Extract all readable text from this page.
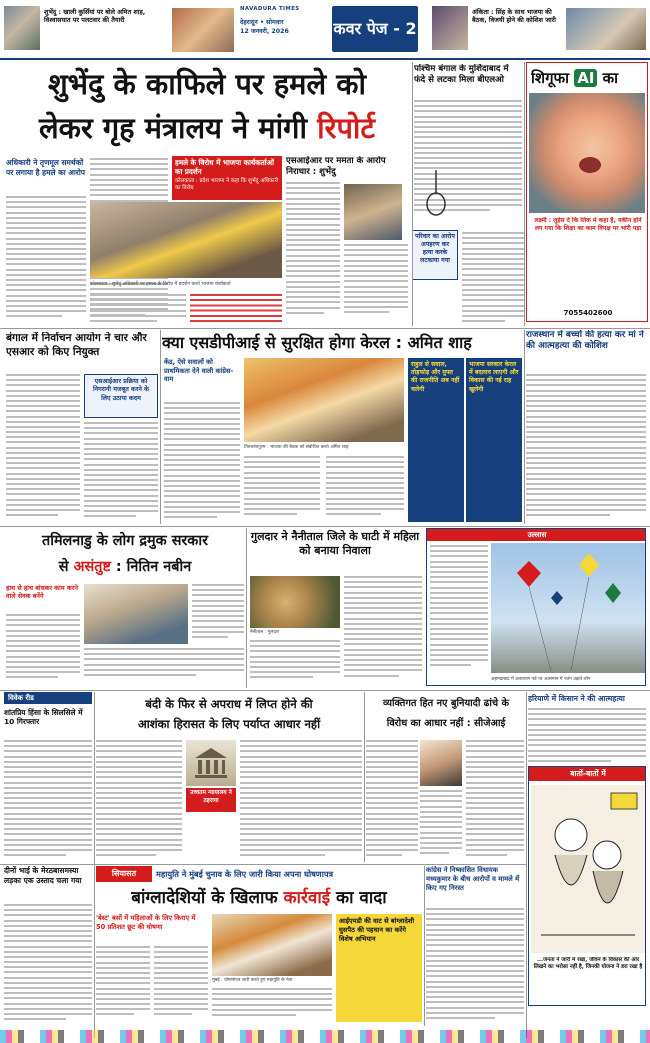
शुभेंदु : खाली कुर्सियां पर बोले अमित शाह, विश्वासघात पर पलटवार की तैयारी
NAVADURA TIMES
देहरादून • सोमवार
12 जनवरी, 2026	कवर पेज - 2
अंकिता : सिंह के साथ भाजपा की बैठक, विजयी होने की कोशिश जारी
शुभेंदु के काफिले पर हमले को
लेकर गृह मंत्रालय ने मांगी रिपोर्ट
पश्चिम बंगाल के मुर्शिदाबाद में फंदे से लटका मिला बीएलओ
परिवार का आरोप अपहरण कर हत्या करके लटकाया गया
शिगूफा AI का
लक्ष्मी : लुईस दे कि लिंक मे कहा है, यकीन होने लग गया कि शिक्षा का काम विपक्ष पर भारी पड़ा
7055402600
अधिकारी ने तृणमूल समर्थकों पर लगाया है हमले का आरोप
हमले के विरोध में भाजपा कार्यकर्ताओं का प्रदर्शन
कोलकाता : प्रदेश भाजपा ने कहा कि शुभेंदु अधिकारी का विरोध
कोलकाता : शुभेंदु अधिकारी पर हमला के विरोध में प्रदर्शन करते भाजपा कार्यकर्ता
एसआईआर पर ममता के आरोप निराधार : शुभेंदु
बंगाल में निर्वाचन आयोग ने चार और एसआर को किए नियुक्त
एसआईआर प्रक्रिया को निगरानी मजबूत करने के लिए उठाया कदम
क्या एसडीपीआई से सुरक्षित होगा केरल : अमित शाह
केंद्र, ऐसे सवालों को प्राथमिकता देने वाली कांग्रेस-वाम
तिरुवनंतपुरम : भाजपा की बैठक को संबोधित करते अमित शाह
राहुल से सवाल, तोड़फोड़ और मुफ्त की राजनीति अब नहीं चलेगी
भाजपा सरकार केरल में बदलाव लाएगी और विकास की नई राह खुलेगी
राजस्थान में बच्चों की हत्या कर मां ने की आत्महत्या की कोशिश
तमिलनाडु के लोग द्रमुक सरकार
से असंतुष्ट : नितिन नबीन
हाथ से हाथ बांधकर काम करने वाले सेवक बनेंगे
गुलदार ने नैनीताल जिले के घाटी में महिला को बनाया निवाला
नैनीताल : गुलदार
उल्लास
अहमदाबाद में उत्तरायण पर्व पर आसमान में पतंग उड़ाते लोग
विवेक रीड
शांतप्रिय हिंसा के सिलसिले में 10 गिरफ्तार
बंदी के फिर से अपराध में लिप्त होने की
आशंका हिरासत के लिए पर्याप्त आधार नहीं
उच्चतम न्यायालय ने ठहराया
व्यक्तिगत हित नए बुनियादी ढांचे के
विरोध का आधार नहीं : सीजेआई
हरियाणे में किसान ने की आत्महत्या
बातों-बातों में
...जनता ने जारी में रखा, जीवन के विकास की ओर लिखने का भरोसा नहीं है, जिनकी योजना ने डरा रखा है
दीनों भाई के मेरठबासमस्या लड़का एक उस्ताद चला गया
सियासत	महायुति ने मुंबई चुनाव के लिए जारी किया अपना घोषणापत्र
बांग्लादेशियों के खिलाफ कार्रवाई का वादा
'बेस्ट' बसों में महिलाओं के लिए किराए में 50 प्रतिशत छूट की घोषणा
मुंबई : घोषणापत्र जारी करते हुए महायुति के नेता
आईएमडी की वाट से बांग्लादेशी घुसपैठ की पहचान का करेंगे विशेष अभियान
कांग्रेस ने निष्कासित विधायक मध्यकुमार के बीच आरोपों व मामले में किए गए निरस्त
